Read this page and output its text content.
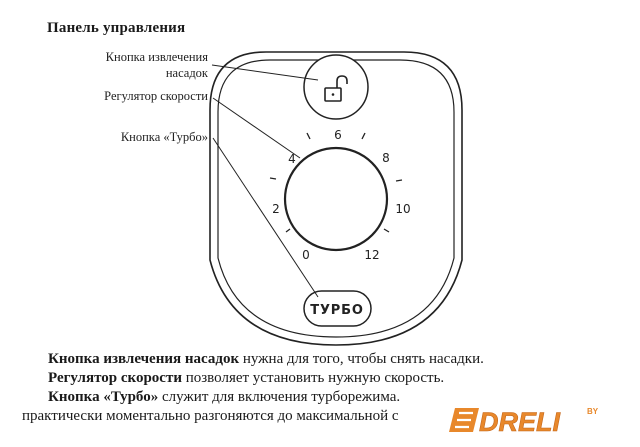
Панель управления
Кнопка извлечения
насадок
Регулятор скорости
Кнопка «Турбо»
0
2
4
6
8
10
12
ТУРБО
Кнопка извлечения насадок нужна для того, чтобы снять насадки.
Регулятор скорости позволяет установить нужную скорость.
Кнопка «Турбо» служит для включения турборежима.
практически моментально разгоняются до максимальной с	DRELI	BY
